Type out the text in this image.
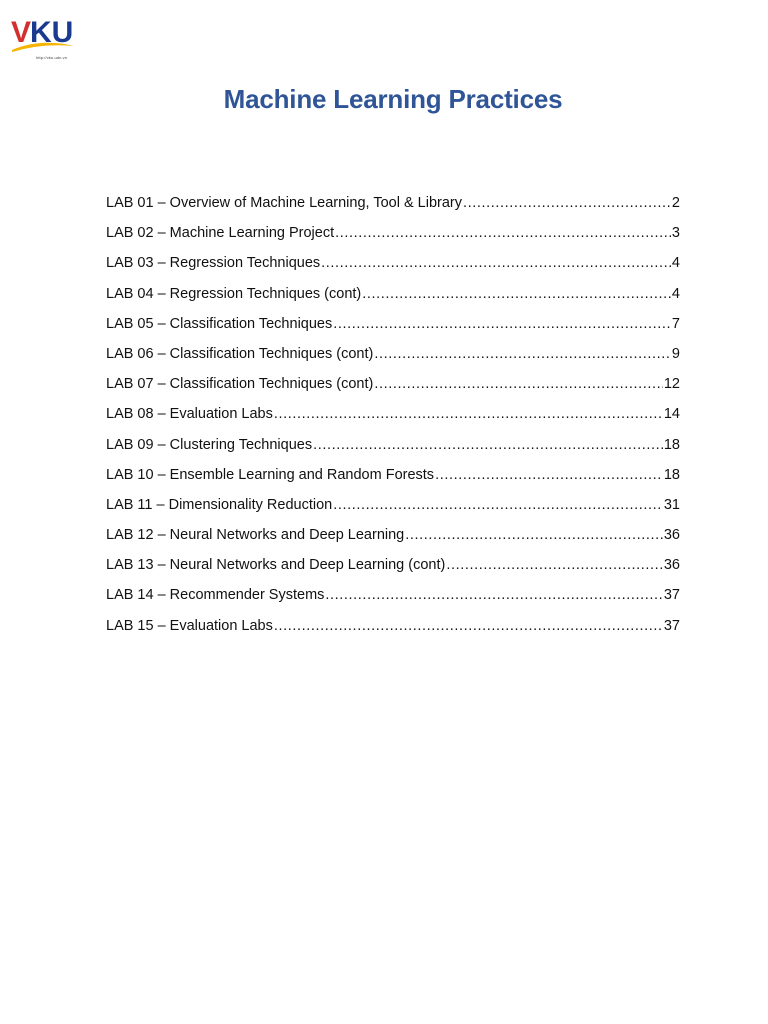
V
KU
http://vku.udn.vn
Machine Learning Practices
LAB 01 – Overview of Machine Learning, Tool & Library .....	2
LAB 02 – Machine Learning Project .....	3
LAB 03 – Regression Techniques .....	4
LAB 04 – Regression Techniques (cont) .....	4
LAB 05 – Classification Techniques .....	7
LAB 06 – Classification Techniques (cont) .....	9
LAB 07 – Classification Techniques (cont) .....	12
LAB 08 – Evaluation Labs .....	14
LAB 09 – Clustering Techniques .....	18
LAB 10 – Ensemble Learning and Random Forests .....	18
LAB 11 – Dimensionality Reduction .....	31
LAB 12 – Neural Networks and Deep Learning .....	36
LAB 13 – Neural Networks and Deep Learning (cont) .....	36
LAB 14 – Recommender Systems .....	37
LAB 15 – Evaluation Labs .....	37
